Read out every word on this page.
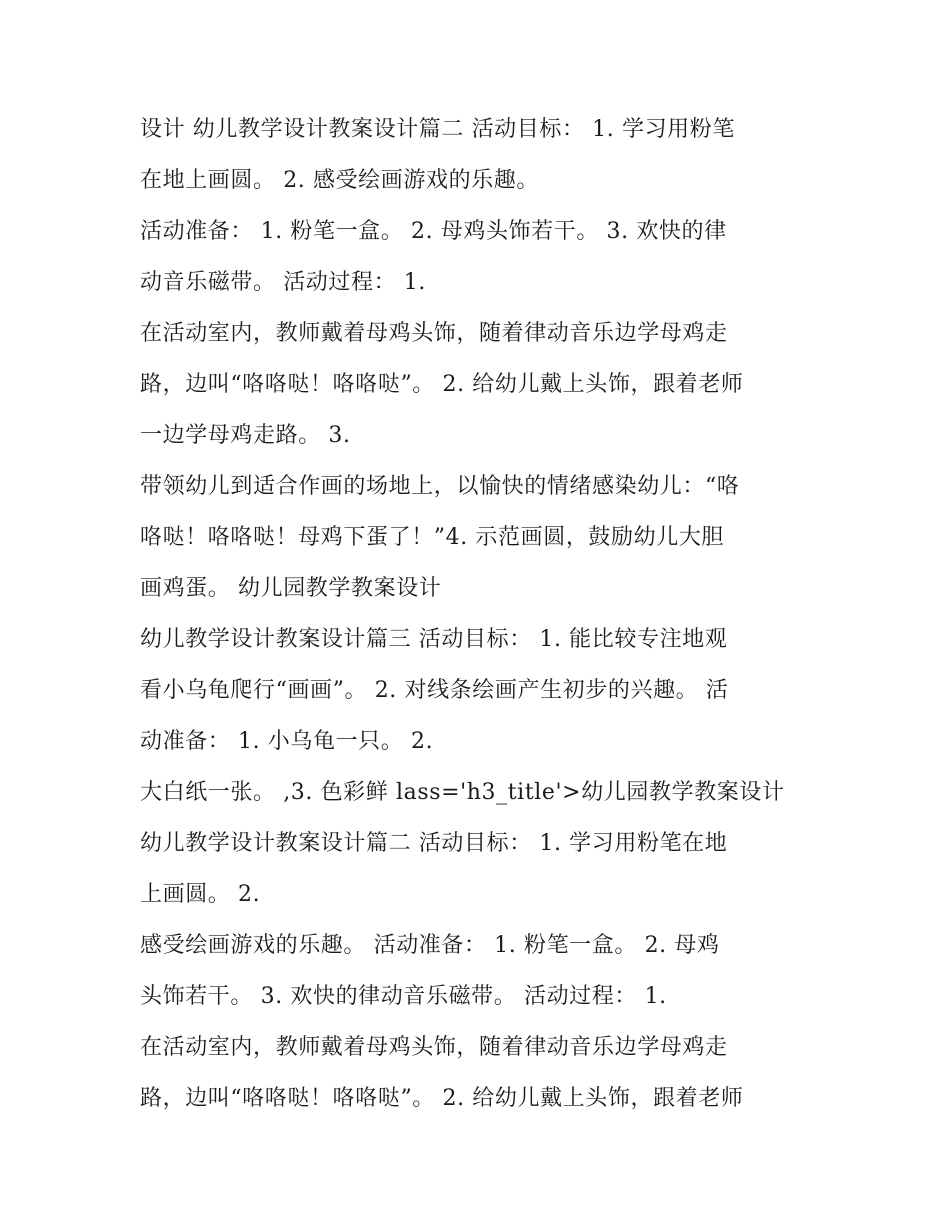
设计 幼儿教学设计教案设计篇二 活动目标： 1. 学习用粉笔
在地上画圆。 2. 感受绘画游戏的乐趣。
活动准备： 1. 粉笔一盒。 2. 母鸡头饰若干。 3. 欢快的律
动音乐磁带。 活动过程： 1.
在活动室内，教师戴着母鸡头饰，随着律动音乐边学母鸡走
路，边叫“咯咯哒！咯咯哒”。 2. 给幼儿戴上头饰，跟着老师
一边学母鸡走路。 3.
带领幼儿到适合作画的场地上，以愉快的情绪感染幼儿：“咯
咯哒！咯咯哒！母鸡下蛋了！”4. 示范画圆，鼓励幼儿大胆
画鸡蛋。 幼儿园教学教案设计
幼儿教学设计教案设计篇三 活动目标： 1. 能比较专注地观
看小乌龟爬行“画画”。 2. 对线条绘画产生初步的兴趣。 活
动准备： 1. 小乌龟一只。 2.
大白纸一张。 ,3. 色彩鲜 lass='h3_title'>幼儿园教学教案设计
幼儿教学设计教案设计篇二 活动目标： 1. 学习用粉笔在地
上画圆。 2.
感受绘画游戏的乐趣。 活动准备： 1. 粉笔一盒。 2. 母鸡
头饰若干。 3. 欢快的律动音乐磁带。 活动过程： 1.
在活动室内，教师戴着母鸡头饰，随着律动音乐边学母鸡走
路，边叫“咯咯哒！咯咯哒”。 2. 给幼儿戴上头饰，跟着老师
